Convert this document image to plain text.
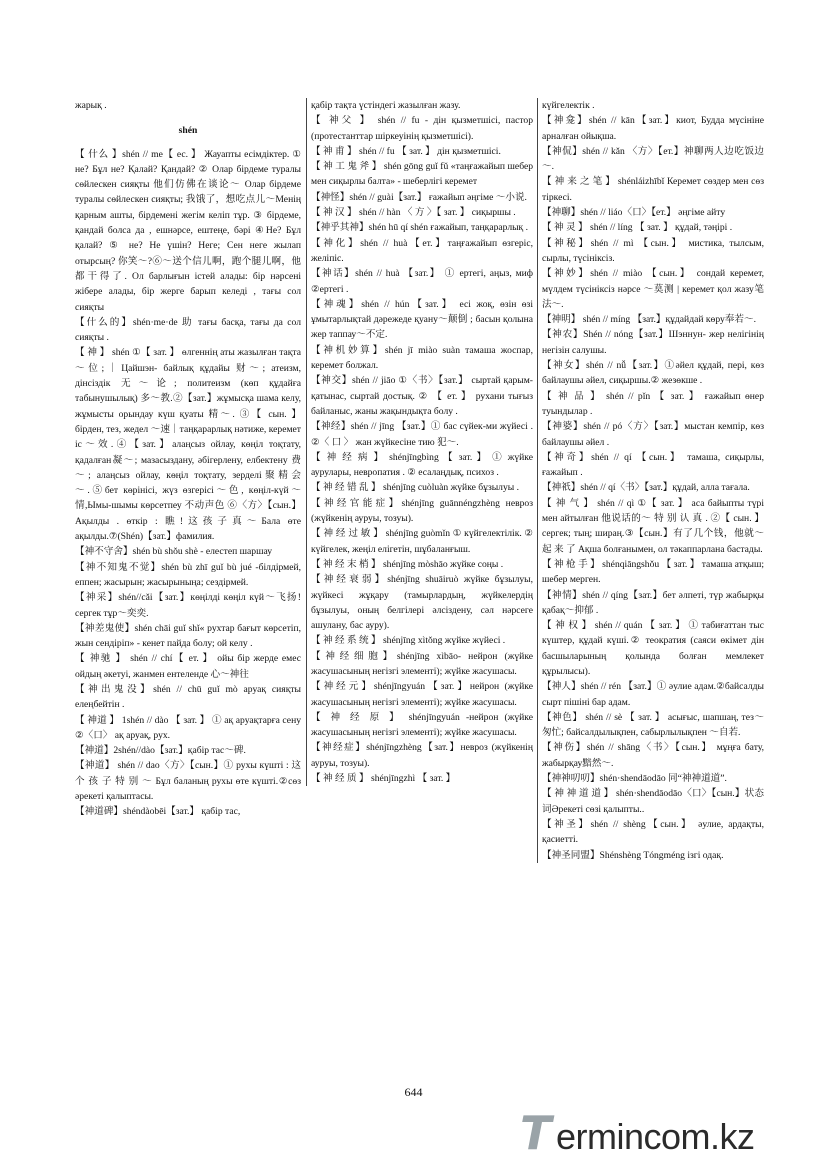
жарық .

shén

【 什么 】shén // me【 ес. 】 Жауапты есімдіктер. ① не? Бұл не? Қалай? Қандай? ② Олар бірдеме туралы сөйлескен сияқты 他们仿佛在谈论～ Олар бірдеме туралы сөйлескен сияқты; 我饿了，想吃点儿～Менің қарным ашты, бірдемені жегім келіп тұр. ③ бірдеме, қандай болса да , ешнәрсе, ештеңе, бәрі ④Не? Бұл қалай? ⑤ не? Не үшін? Неге; Сен неге жылап отырсың? 你笑～?⑥～送个信儿啊，跑个腿儿啊，他都干得了. Ол барлығын істей алады: бір нәрсені жібере алады, бір жерге барып келеді , тағы сол сияқты

【什么的】shén·me·de 助 тағы басқа, тағы да сол сияқты .

【 神 】 shén ①【 зат. 】 өлгеннің аты жазылған тақта～位;｜Цайшэн- байлық құдайы 财～; атеизм, дінсіздік 无～论; политеизм (көп құдайға табынушылық) 多～教.②【зат.】жұмысқа шама келу, жұмысты орындау күш қуаты 精～. ③【 сын. 】бірден, тез, жедел ～速｜таңқарарлық нәтиже, керемет іс～效.④【зат.】алаңсыз ойлау, көңіл тоқтату, қадалған凝～; мазасыздану, әбігерлену, елбектену 费～; алаңсыз ойлау, көңіл тоқтату, зерделі聚精会～.⑤бет көрінісі, жүз өзгерісі～色, көңіл-күй～情,Ымы-шымы көрсетпеу 不动声色 ⑥〈方〉【сын.】Ақылды . өткір : 瞧!这孩子真～Бала өте ақылды.⑦(Shén)【зат.】фамилия.

【神不守舍】shén bù shǒu shè - елестеп шаршау

【神不知鬼不觉】shén bù zhī guǐ bù jué -білдірмей, еппен; жасырын; жасырыныңа; сездірмей.

【神采】shén//cǎi【зат.】көңілді көңіл күй～飞扬!сергек тұр～奕奕.

【神差鬼使】shén chāi guǐ shǐ« рухтар бағыт көрсетіп, жын сендіріп» - кенет пайда болу; ой келу .

【 神驰 】 shén // chí【 ет. 】 ойы бір жерде емес ойдың әкетуі, жанмен ентеленде 心～神往

【神出鬼没】shén // chū guǐ mò аруақ сияқты елеңбейтін .

【 神道 】 1shén // dào 【 зат. 】 ① ақ аруақтарға сену ②〈口〉 ақ аруақ, рух.

【神道】2shén//dào【зат.】қабір тас～碑.

【神道】 shén // dao〈方〉【сын.】① рухы күшті : 这 个 孩 子 特 别 ～ Бұл баланың рухы өте күшті.②сөз әрекеті қалыптасы.

【神道碑】shéndàobēi【зат.】 қабір тас,

қабір тақта үстіндегі жазылған жазу.

【 神父 】 shén // fu - дін қызметшісі, пастор (протестанттар шіркеуінің қызметшісі).

【 神 甫 】 shén // fu 【 зат. 】 дін қызметшісі.

【 神 工 鬼 斧 】 shén gōng guǐ fǔ «таңғажайып шебер мен сиқырлы балта» - шеберлігі керемет

【神怪】shén // guài【зат.】 ғажайып әңгіме ～小说.

【 神 汉 】 shén // hàn 〈 方 〉【 зат. 】 сиқыршы .

【神乎其神】shén hū qí shén ғажайып, таңқарарлық .

【神化】shén // huà【ет.】таңғажайып өзгеріс, желіпіс.

【神话】shén // huà 【зат.】 ① ертегі, аңыз, миф ②ертегі .

【神魂】shén // hún【зат.】 есі жоқ, өзін өзі ұмытарлықтай дәрежеде қуану～颠倒 ; басын қолына жер таппау～不定.

【神机妙算】shén jī miào suàn тамаша жоспар, керемет болжал.

【神交】shén // jiāo ①〈书〉【зат.】 сыртай қарым-қатынас, сыртай достық. ② 【 ет. 】 рухани тығыз байланыс, жаны жақындықта болу .

【神经】shén // jīng 【зат.】① бас сүйек-ми жүйесі . ②〈 口 〉 жан жүйкесіне тию 犯～.

【 神 经 病 】 shénjīngbìng 【 зат. 】 ① жүйке аурулары, невропатия . ② есалаңдық, психоз .

【 神 经 错 乱 】 shénjīng cuòluàn жүйке бұзылуы .

【神经官能症】shénjīng guānnéngzhèng невроз (жүйкенің ауруы, тозуы).

【 神 经 过 敏 】 shénjīng guòmǐn ① күйгелектілік. ② күйгелек, жеңіл елігетін, шұбаланғыш.

【 神 经 末 梢 】 shénjīng mòshāo жүйке соңы .

【神经衰弱】shénjīng shuāiruò жүйке бұзылуы, жүйкесі жұқару (тамырлардың, жүйкелердің бұзылуы, оның белгілері әлсіздену, сәл нәрсеге ашулану, бас ауру).

【 神 经 系 统 】 shénjīng xìtǒng жүйке жүйесі .

【神经细胞】shénjīng xìbāo- нейрон (жүйке жасушасының негізгі элементі); жүйке жасушасы.

【神经元】shénjīngyuán【зат.】нейрон (жүйке жасушасының негізгі элементі); жүйке жасушасы.

【 神 经 原 】 shénjīngyuán -нейрон (жүйке жасушасының негізгі элементі); жүйке жасушасы.

【神经症】shénjīngzhèng【зат.】невроз (жүйкенің ауруы, тозуы).

【 神 经 质 】 shénjīngzhì 【 зат. 】

күйгелектік .

【神龛】shén // kān【зат.】киот, Будда мүсініне арналған ойықша.

【神侃】shén // kǎn 〈方〉【ет.】神聊两人边吃饭边～.

【 神 来 之 笔 】 shénláizhībǐ Керемет сөздер мен сөз тіркесі.

【神聊】shén // liáo〈口〉【ет.】 әңгіме айту

【 神 灵 】 shén // líng 【 зат. 】 құдай, тәңірі .

【神秘】shén // mì 【сын.】 мистика, тылсым, сырлы, түсініксіз.

【神妙】shén // miào 【сын.】 сондай керемет, мүлдем түсініксіз нәрсе ～莫测 | керемет қол жазу笔法～.

【神明】 shén // míng 【зат.】құдайдай көру奉若～.

【神农】Shén // nóng【зат.】Шэннун- жер нелігінің негізін салушы.

【神女】shén // nǚ【зат.】①әйел құдай, пері, көз байлаушы әйел, сиқыршы.② жезөкше .

【 神 品 】 shén // pǐn 【 зат. 】 ғажайып өнер туындылар .

【神婆】shén // pó〈方〉【зат.】мыстан кемпір, көз байлаушы әйел .

【神奇】shén // qí 【сын.】 тамаша, сиқырлы, ғажайып .

【神祇】shén // qí〈书〉【зат.】құдай, алла тағала.

【 神 气 】 shén // qì ①【 зат. 】 аса байыпты түрі мен айтылған 他说话的～ 特 别 认 真 . ②【 сын. 】 сергек; тың; шираң.③【сын.】有了几个钱，他就～ 起 来 了 Ақша болғанымен, ол тәкаппарлана бастады.

【 神 枪 手 】 shénqiāngshǒu 【 зат. 】 тамаша атқыш; шебер мерген.

【神情】shén // qíng【зат.】бет әлпеті, түр жабырқы қабақ～抑郁 .

【 神 权 】 shén // quán 【 зат. 】 ① табиғаттан тыс күштер, құдай күші.② теократия (саяси өкімет дін басшыларының қолында болған мемлекет құрылысы).

【神人】shén // rén 【зат.】① әулие адам.②байсалды сырт пішіні бар адам.

【神色】 shén // sè 【 зат. 】 асығыс, шапшаң, тез～匆忙; байсалдылықпен, сабырлылықпен ～自若.

【神伤】shén // shāng〈书〉【сын.】 мұңға бату, жабырқау黯然～.

【神神叨叨】shén·shendāodāo 同“神神道道”.

【 神 神 道 道 】 shén·shendāodāo〈口〉【сын.】状态词Әрекеті сөзі қалыпты..

【神圣】shén // shèng【сын.】 әулие, ардақты, қасиетті.

【神圣同盟】Shénshèng Tóngméng ізгі одақ.

644
T ermincom.kz
